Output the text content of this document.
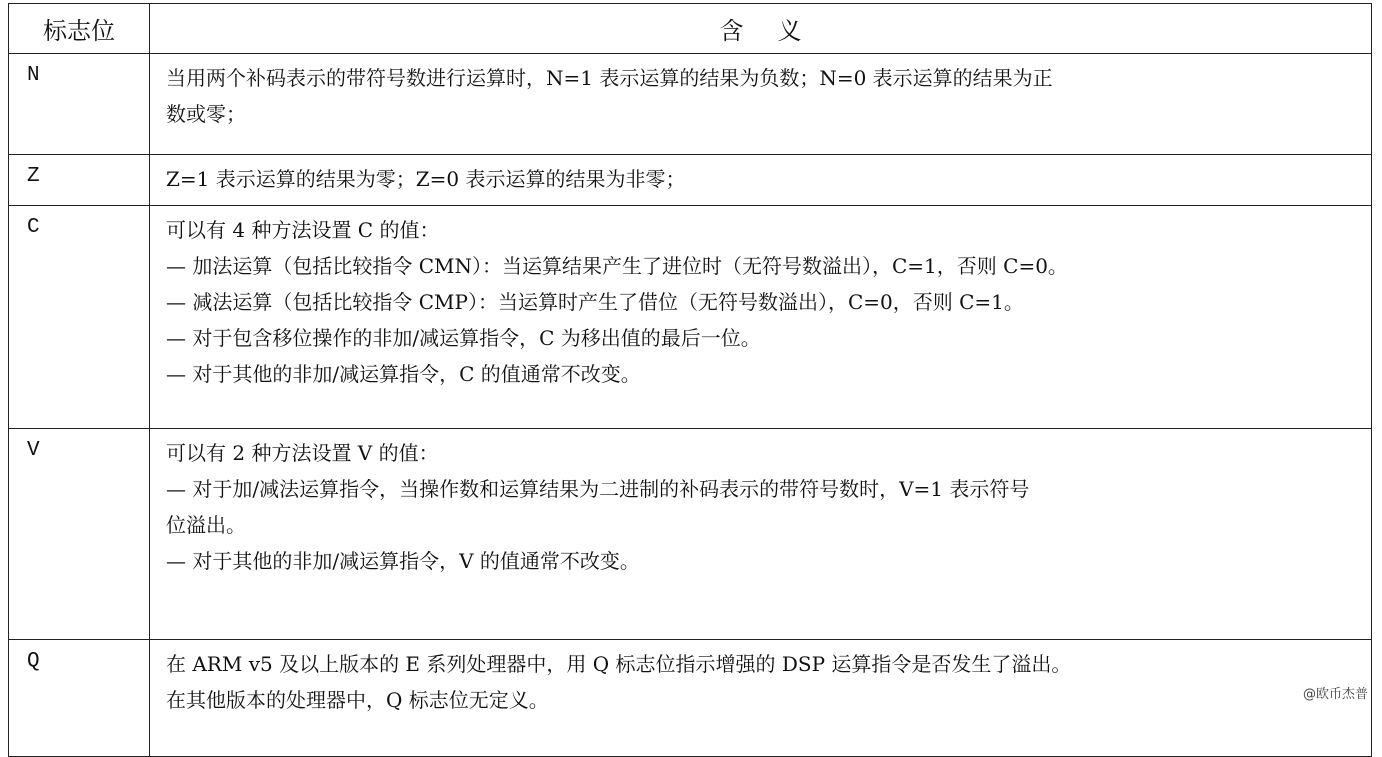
标志位	含义
N	当用两个补码表示的带符号数进行运算时，N=1 表示运算的结果为负数；N=0 表示运算的结果为正
数或零；

Z	Z=1 表示运算的结果为零；Z=0 表示运算的结果为非零；

C	可以有 4 种方法设置 C 的值：
— 加法运算（包括比较指令 CMN）：当运算结果产生了进位时（无符号数溢出），C=1，否则 C=0。
— 减法运算（包括比较指令 CMP）：当运算时产生了借位（无符号数溢出），C=0，否则 C=1。
— 对于包含移位操作的非加/减运算指令，C 为移出值的最后一位。
— 对于其他的非加/减运算指令，C 的值通常不改变。

V	可以有 2 种方法设置 V 的值：
— 对于加/减法运算指令，当操作数和运算结果为二进制的补码表示的带符号数时，V=1 表示符号
位溢出。
— 对于其他的非加/减运算指令，V 的值通常不改变。

Q	在 ARM v5 及以上版本的 E 系列处理器中，用 Q 标志位指示增强的 DSP 运算指令是否发生了溢出。
在其他版本的处理器中，Q 标志位无定义。	@欧币杰普
